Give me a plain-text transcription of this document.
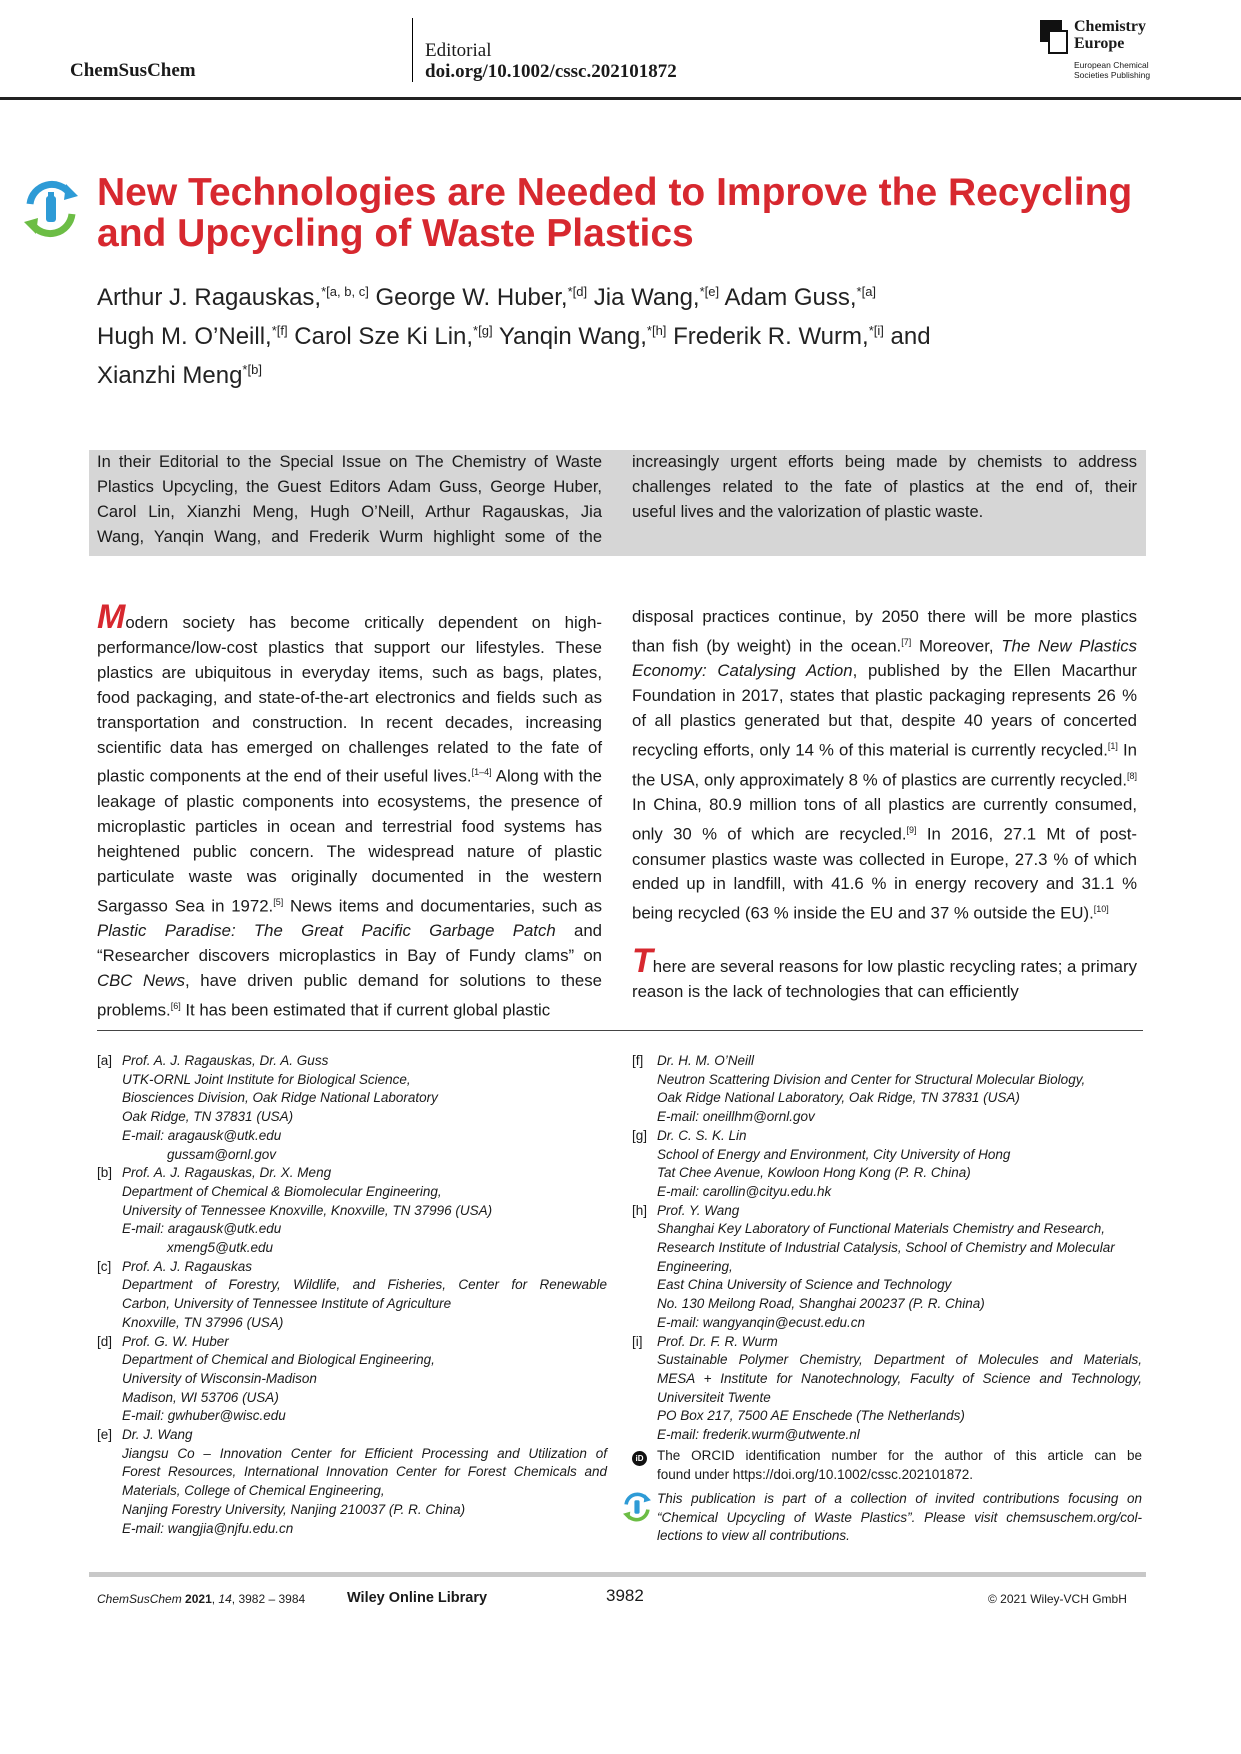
ChemSusChem
Editorial
doi.org/10.1002/cssc.202101872
Chemistry
Europe
European Chemical
Societies Publishing
New Technologies are Needed to Improve the Recycling and Upcycling of Waste Plastics
Arthur J. Ragauskas,$^{*[a, b, c]}$ George W. Huber,$^{*[d]}$ Jia Wang,$^{*[e]}$ Adam Guss,$^{*[a]}$
Hugh M. O’Neill,$^{*[f]}$ Carol Sze Ki Lin,$^{*[g]}$ Yanqin Wang,$^{*[h]}$ Frederik R. Wurm,$^{*[i]}$ and
Xianzhi Meng$^{*[b]}$
In their Editorial to the Special Issue on The Chemistry of Waste
Plastics Upcycling, the Guest Editors Adam Guss, George Huber,
Carol Lin, Xianzhi Meng, Hugh O’Neill, Arthur Ragauskas, Jia
Wang, Yanqin Wang, and Frederik Wurm highlight some of the
increasingly urgent efforts being made by chemists to address
challenges related to the fate of plastics at the end of, their
useful lives and the valorization of plastic waste.
Modern society has become critically dependent on high-performance/low-cost plastics that support our lifestyles. These plastics are ubiquitous in everyday items, such as bags, plates, food packaging, and state-of-the-art electronics and fields such as transportation and construction. In recent decades, increasing scientific data has emerged on challenges related to the fate of plastic components at the end of their useful lives.[1–4] Along with the leakage of plastic components into ecosystems, the presence of microplastic particles in ocean and terrestrial food systems has heightened public concern. The widespread nature of plastic particulate waste was originally documented in the western Sargasso Sea in 1972.[5] News items and documentaries, such as Plastic Paradise: The Great Pacific Garbage Patch and “Researcher discovers microplastics in Bay of Fundy clams” on CBC News, have driven public demand for solutions to these problems.[6] It has been estimated that if current global plastic
disposal practices continue, by 2050 there will be more plastics than fish (by weight) in the ocean.[7] Moreover, The New Plastics Economy: Catalysing Action, published by the Ellen Macarthur Foundation in 2017, states that plastic packaging represents 26 % of all plastics generated but that, despite 40 years of concerted recycling efforts, only 14 % of this material is currently recycled.[1] In the USA, only approximately 8 % of plastics are currently recycled.[8] In China, 80.9 million tons of all plastics are currently consumed, only 30 % of which are recycled.[9] In 2016, 27.1 Mt of post-consumer plastics waste was collected in Europe, 27.3 % of which ended up in landfill, with 41.6 % in energy recovery and 31.1 % being recycled (63 % inside the EU and 37 % outside the EU).[10]
There are several reasons for low plastic recycling rates; a primary reason is the lack of technologies that can efficiently
[a] Prof. A. J. Ragauskas, Dr. A. Guss
UTK-ORNL Joint Institute for Biological Science,
Biosciences Division, Oak Ridge National Laboratory
Oak Ridge, TN 37831 (USA)
E-mail: aragausk@utk.edu
gussam@ornl.gov
[b] Prof. A. J. Ragauskas, Dr. X. Meng
Department of Chemical & Biomolecular Engineering,
University of Tennessee Knoxville, Knoxville, TN 37996 (USA)
E-mail: aragausk@utk.edu
xmeng5@utk.edu
[c] Prof. A. J. Ragauskas
Department of Forestry, Wildlife, and Fisheries, Center for Renewable
Carbon, University of Tennessee Institute of Agriculture
Knoxville, TN 37996 (USA)
[d] Prof. G. W. Huber
Department of Chemical and Biological Engineering,
University of Wisconsin-Madison
Madison, WI 53706 (USA)
E-mail: gwhuber@wisc.edu
[e] Dr. J. Wang
Jiangsu Co – Innovation Center for Efficient Processing and Utilization of
Forest Resources, International Innovation Center for Forest Chemicals and
Materials, College of Chemical Engineering,
Nanjing Forestry University, Nanjing 210037 (P. R. China)
E-mail: wangjia@njfu.edu.cn
[f] Dr. H. M. O’Neill
Neutron Scattering Division and Center for Structural Molecular Biology,
Oak Ridge National Laboratory, Oak Ridge, TN 37831 (USA)
E-mail: oneillhm@ornl.gov
[g] Dr. C. S. K. Lin
School of Energy and Environment, City University of Hong
Tat Chee Avenue, Kowloon Hong Kong (P. R. China)
E-mail: carollin@cityu.edu.hk
[h] Prof. Y. Wang
Shanghai Key Laboratory of Functional Materials Chemistry and Research,
Research Institute of Industrial Catalysis, School of Chemistry and Molecular
Engineering,
East China University of Science and Technology
No. 130 Meilong Road, Shanghai 200237 (P. R. China)
E-mail: wangyanqin@ecust.edu.cn
[i] Prof. Dr. F. R. Wurm
Sustainable Polymer Chemistry, Department of Molecules and Materials,
MESA + Institute for Nanotechnology, Faculty of Science and Technology,
Universiteit Twente
PO Box 217, 7500 AE Enschede (The Netherlands)
E-mail: frederik.wurm@utwente.nl
iD The ORCID identification number for the author of this article can be
found under https://doi.org/10.1002/cssc.202101872.
This publication is part of a collection of invited contributions focusing on
“Chemical Upcycling of Waste Plastics”. Please visit chemsuschem.org/col-
lections to view all contributions.
ChemSusChem 2021, 14, 3982 – 3984	Wiley Online Library	3982	© 2021 Wiley-VCH GmbH
